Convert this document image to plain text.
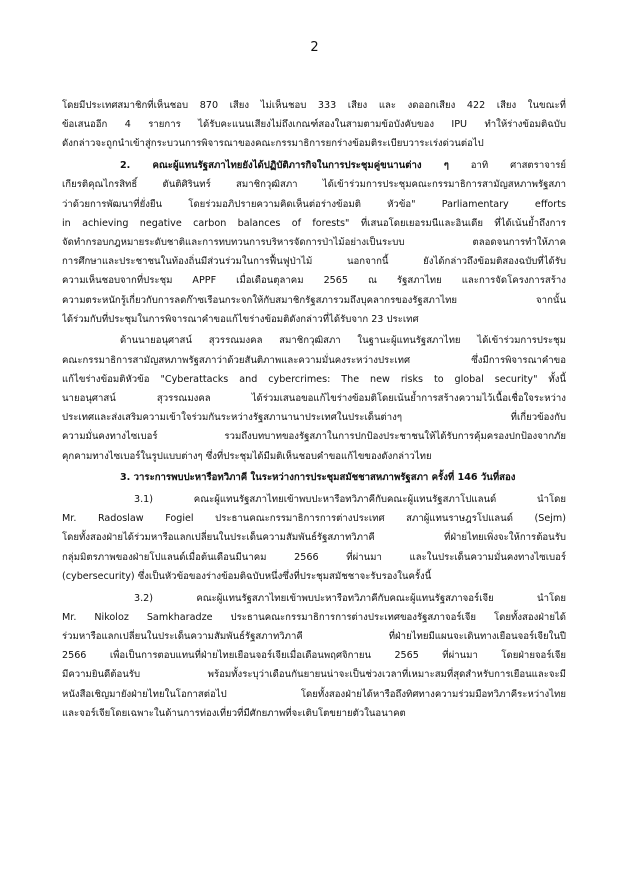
2
โดยมีประเทศสมาชิกที่เห็นชอบ 870 เสียง ไม่เห็นชอบ 333 เสียง และ งดออกเสียง 422 เสียง ในขณะที่
ข้อเสนออีก 4 รายการ ได้รับคะแนนเสียงไม่ถึงเกณฑ์สองในสามตามข้อบังคับของ IPU ทำให้ร่างข้อมติฉบับ
ดังกล่าวจะถูกนำเข้าสู่กระบวนการพิจารณาของคณะกรรมาธิการยกร่างข้อมติระเบียบวาระเร่งด่วนต่อไป
2. คณะผู้แทนรัฐสภาไทยยังได้ปฏิบัติภารกิจในการประชุมคู่ขนานต่าง ๆ อาทิ ศาสตราจารย์
เกียรติคุณไกรสิทธิ์ ตันติศิรินทร์ สมาชิกวุฒิสภา ได้เข้าร่วมการประชุมคณะกรรมาธิการสามัญสหภาพรัฐสภา
ว่าด้วยการพัฒนาที่ยั่งยืน โดยร่วมอภิปรายความคิดเห็นต่อร่างข้อมติ หัวข้อ" Parliamentary efforts
in achieving negative carbon balances of forests" ที่เสนอโดยเยอรมนีและอินเดีย ที่ได้เน้นย้ำถึงการ
จัดทำกรอบกฎหมายระดับชาติและการทบทวนการบริหารจัดการป่าไม้อย่างเป็นระบบ ตลอดจนการทำให้ภาค
การศึกษาและประชาชนในท้องถิ่นมีส่วนร่วมในการฟื้นฟูป่าไม้ นอกจากนี้ ยังได้กล่าวถึงข้อมติสองฉบับที่ได้รับ
ความเห็นชอบจากที่ประชุม APPF เมื่อเดือนตุลาคม 2565 ณ รัฐสภาไทย และการจัดโครงการสร้าง
ความตระหนักรู้เกี่ยวกับการลดก๊าซเรือนกระจกให้กับสมาชิกรัฐสภารวมถึงบุคลากรของรัฐสภาไทย จากนั้น
ได้ร่วมกับที่ประชุมในการพิจารณาคำขอแก้ไขร่างข้อมติดังกล่าวที่ได้รับจาก 23 ประเทศ
ด้านนายอนุศาสน์ สุวรรณมงคล สมาชิกวุฒิสภา ในฐานะผู้แทนรัฐสภาไทย ได้เข้าร่วมการประชุม
คณะกรรมาธิการสามัญสหภาพรัฐสภาว่าด้วยสันติภาพและความมั่นคงระหว่างประเทศ ซึ่งมีการพิจารณาคำขอ
แก้ไขร่างข้อมติหัวข้อ "Cyberattacks and cybercrimes: The new risks to global security" ทั้งนี้
นายอนุศาสน์ สุวรรณมงคล ได้ร่วมเสนอขอแก้ไขร่างข้อมติโดยเน้นย้ำการสร้างความไว้เนื้อเชื่อใจระหว่าง
ประเทศและส่งเสริมความเข้าใจร่วมกันระหว่างรัฐสภานานาประเทศในประเด็นต่างๆ ที่เกี่ยวข้องกับ
ความมั่นคงทางไซเบอร์ รวมถึงบทบาทของรัฐสภาในการปกป้องประชาชนให้ได้รับการคุ้มครองปกป้องจากภัย
คุกคามทางไซเบอร์ในรูปแบบต่างๆ ซึ่งที่ประชุมได้มีมติเห็นชอบคำขอแก้ไขของดังกล่าวไทย
3. วาระการพบปะหารือทวิภาคี ในระหว่างการประชุมสมัชชาสหภาพรัฐสภา ครั้งที่ 146 วันที่สอง
3.1) คณะผู้แทนรัฐสภาไทยเข้าพบปะหารือทวิภาคีกับคณะผู้แทนรัฐสภาโปแลนด์ นำโดย
Mr. Radoslaw Fogiel ประธานคณะกรรมาธิการการต่างประเทศ สภาผู้แทนราษฎรโปแลนด์ (Sejm)
โดยทั้งสองฝ่ายได้ร่วมหารือแลกเปลี่ยนในประเด็นความสัมพันธ์รัฐสภาทวิภาคี ที่ฝ่ายไทยเพิ่งจะให้การต้อนรับ
กลุ่มมิตรภาพของฝ่ายโปแลนด์เมื่อต้นเดือนมีนาคม 2566 ที่ผ่านมา และในประเด็นความมั่นคงทางไซเบอร์
(cybersecurity) ซึ่งเป็นหัวข้อของร่างข้อมติฉบับหนึ่งซึ่งที่ประชุมสมัชชาจะรับรองในครั้งนี้
3.2) คณะผู้แทนรัฐสภาไทยเข้าพบปะหารือทวิภาคีกับคณะผู้แทนรัฐสภาจอร์เจีย นำโดย
Mr. Nikoloz Samkharadze ประธานคณะกรรมาธิการการต่างประเทศของรัฐสภาจอร์เจีย โดยทั้งสองฝ่ายได้
ร่วมหารือแลกเปลี่ยนในประเด็นความสัมพันธ์รัฐสภาทวิภาคี ที่ฝ่ายไทยมีแผนจะเดินทางเยือนจอร์เจียในปี
2566 เพื่อเป็นการตอบแทนที่ฝ่ายไทยเยือนจอร์เจียเมื่อเดือนพฤศจิกายน 2565 ที่ผ่านมา โดยฝ่ายจอร์เจีย
มีความยินดีต้อนรับ พร้อมทั้งระบุว่าเดือนกันยายนน่าจะเป็นช่วงเวลาที่เหมาะสมที่สุดสำหรับการเยือนและจะมี
หนังสือเชิญมายังฝ่ายไทยในโอกาสต่อไป โดยทั้งสองฝ่ายได้หารือถึงทิศทางความร่วมมือทวิภาคีระหว่างไทย
และจอร์เจียโดยเฉพาะในด้านการท่องเที่ยวที่มีศักยภาพที่จะเติบโตขยายตัวในอนาคต
